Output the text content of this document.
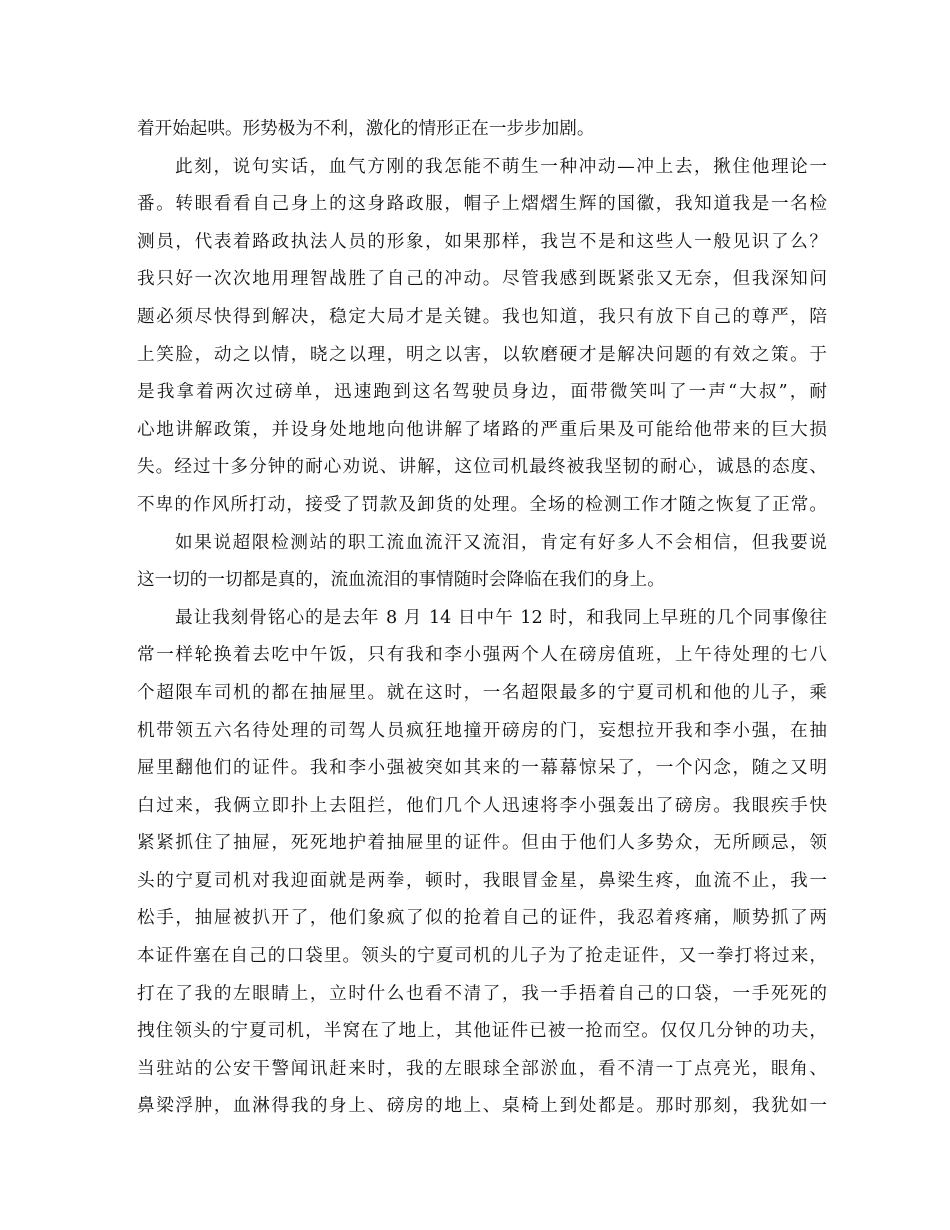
着开始起哄。形势极为不利，激化的情形正在一步步加剧。
此刻，说句实话，血气方刚的我怎能不萌生一种冲动—冲上去，揪住他理论一
番。转眼看看自己身上的这身路政服，帽子上熠熠生辉的国徽，我知道我是一名检
测员，代表着路政执法人员的形象，如果那样，我岂不是和这些人一般见识了么？
我只好一次次地用理智战胜了自己的冲动。尽管我感到既紧张又无奈，但我深知问
题必须尽快得到解决，稳定大局才是关键。我也知道，我只有放下自己的尊严，陪
上笑脸，动之以情，晓之以理，明之以害，以软磨硬才是解决问题的有效之策。于
是我拿着两次过磅单，迅速跑到这名驾驶员身边，面带微笑叫了一声“大叔”，耐
心地讲解政策，并设身处地地向他讲解了堵路的严重后果及可能给他带来的巨大损
失。经过十多分钟的耐心劝说、讲解，这位司机最终被我坚韧的耐心，诚恳的态度、
不卑的作风所打动，接受了罚款及卸货的处理。全场的检测工作才随之恢复了正常。
如果说超限检测站的职工流血流汗又流泪，肯定有好多人不会相信，但我要说
这一切的一切都是真的，流血流泪的事情随时会降临在我们的身上。
最让我刻骨铭心的是去年 8 月 14 日中午 12 时，和我同上早班的几个同事像往
常一样轮换着去吃中午饭，只有我和李小强两个人在磅房值班，上午待处理的七八
个超限车司机的都在抽屉里。就在这时，一名超限最多的宁夏司机和他的儿子，乘
机带领五六名待处理的司驾人员疯狂地撞开磅房的门，妄想拉开我和李小强，在抽
屉里翻他们的证件。我和李小强被突如其来的一幕幕惊呆了，一个闪念，随之又明
白过来，我俩立即扑上去阻拦，他们几个人迅速将李小强轰出了磅房。我眼疾手快
紧紧抓住了抽屉，死死地护着抽屉里的证件。但由于他们人多势众，无所顾忌，领
头的宁夏司机对我迎面就是两拳，顿时，我眼冒金星，鼻梁生疼，血流不止，我一
松手，抽屉被扒开了，他们象疯了似的抢着自己的证件，我忍着疼痛，顺势抓了两
本证件塞在自己的口袋里。领头的宁夏司机的儿子为了抢走证件，又一拳打将过来，
打在了我的左眼睛上，立时什么也看不清了，我一手捂着自己的口袋，一手死死的
拽住领头的宁夏司机，半窝在了地上，其他证件已被一抢而空。仅仅几分钟的功夫，
当驻站的公安干警闻讯赶来时，我的左眼球全部淤血，看不清一丁点亮光，眼角、
鼻梁浮肿，血淋得我的身上、磅房的地上、桌椅上到处都是。那时那刻，我犹如一
